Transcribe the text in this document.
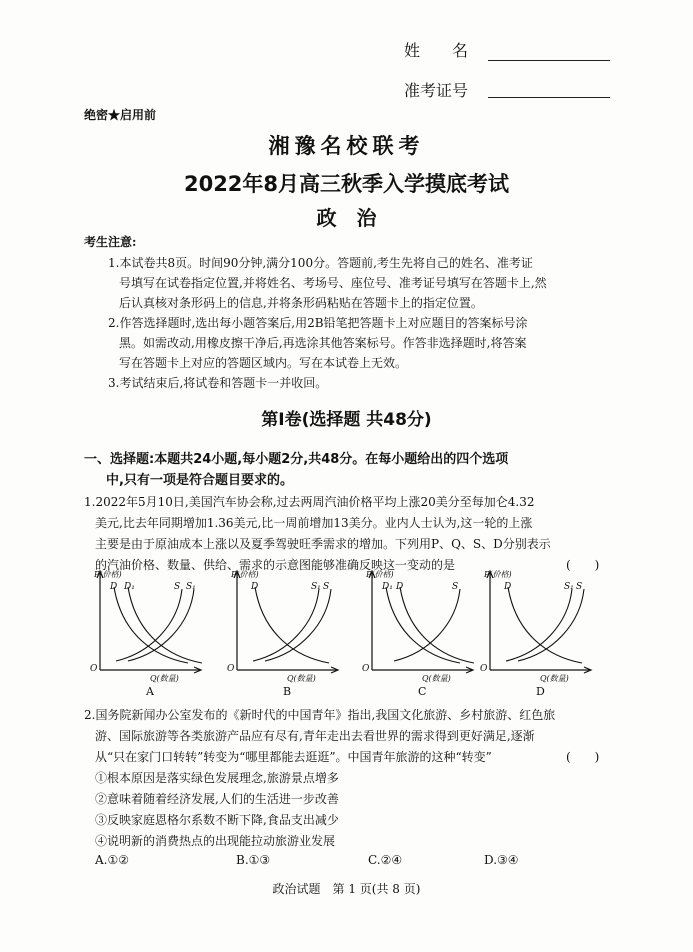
姓　　名
准考证号
绝密★启用前
湘豫名校联考
2022年8月高三秋季入学摸底考试
政　治
考生注意:
1.本试卷共8页。时间90分钟,满分100分。答题前,考生先将自己的姓名、准考证
号填写在试卷指定位置,并将姓名、考场号、座位号、准考证号填写在答题卡上,然
后认真核对条形码上的信息,并将条形码粘贴在答题卡上的指定位置。
2.作答选择题时,选出每小题答案后,用2B铅笔把答题卡上对应题目的答案标号涂
黑。如需改动,用橡皮擦干净后,再选涂其他答案标号。作答非选择题时,将答案
写在答题卡上对应的答题区域内。写在本试卷上无效。
3.考试结束后,将试卷和答题卡一并收回。
第Ⅰ卷(选择题 共48分)
一、选择题:本题共24小题,每小题2分,共48分。在每小题给出的四个选项
中,只有一项是符合题目要求的。
1.2022年5月10日,美国汽车协会称,过去两周汽油价格平均上涨20美分至每加仑4.32
美元,比去年同期增加1.36美元,比一周前增加13美分。业内人士认为,这一轮的上涨
主要是由于原油成本上涨以及夏季驾驶旺季需求的增加。下列用P、Q、S、D分别表示
的汽油价格、数量、供给、需求的示意图能够准确反映这一变动的是	(　　)
P(价格)
Q(数量)
O
D D₁	S S₁
A
P(价格)
Q(数量)
O
D	S₁ S
B
P(价格)
Q(数量)
O
D₁ D	S
C
P(价格)
Q(数量)
O
D	S₁ S
D
2.国务院新闻办公室发布的《新时代的中国青年》指出,我国文化旅游、乡村旅游、红色旅
游、国际旅游等各类旅游产品应有尽有,青年走出去看世界的需求得到更好满足,逐渐
从“只在家门口转转”转变为“哪里都能去逛逛”。中国青年旅游的这种“转变”	(　　)
①根本原因是落实绿色发展理念,旅游景点增多
②意味着随着经济发展,人们的生活进一步改善
③反映家庭恩格尔系数不断下降,食品支出减少
④说明新的消费热点的出现能拉动旅游业发展
A.①②	B.①③	C.②④	D.③④
政治试题　第 1 页(共 8 页)
